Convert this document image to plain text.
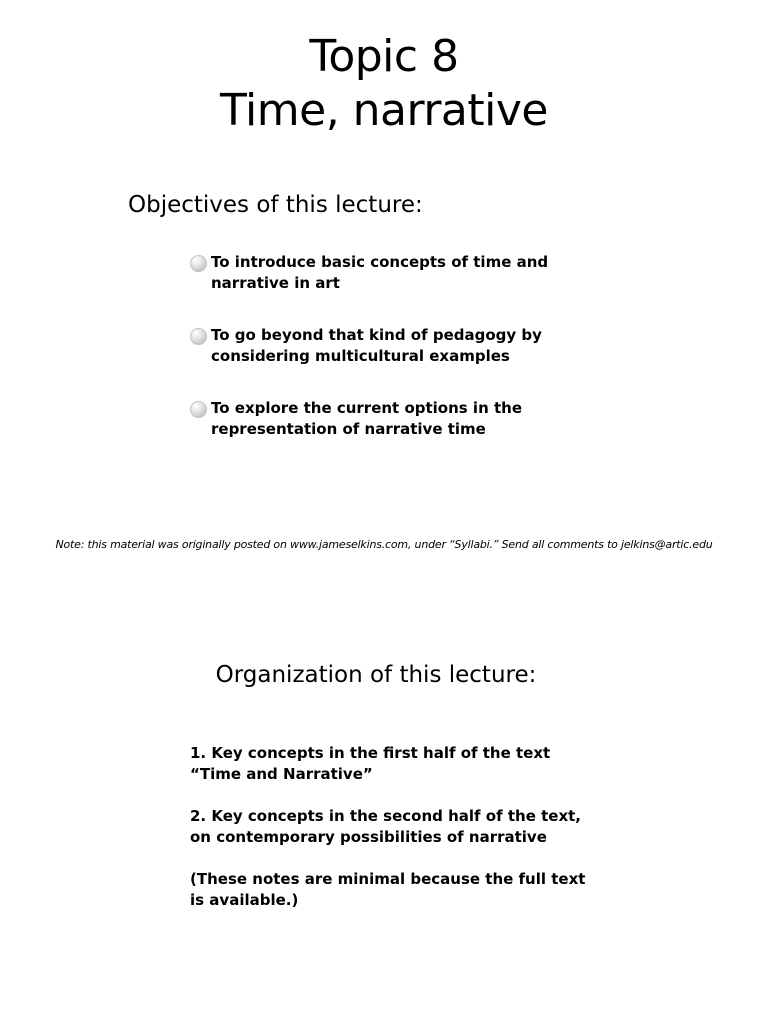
Topic 8
Time, narrative
Objectives of this lecture:
To introduce basic concepts of time and narrative in art
To go beyond that kind of pedagogy by considering multicultural examples
To explore the current options in the representation of narrative time

Note: this material was originally posted on www.jameselkins.com, under “Syllabi.” Send all comments to jelkins@artic.edu

Organization of this lecture:

1. Key concepts in the first half of the text “Time and Narrative”

2. Key concepts in the second half of the text, on contemporary possibilities of narrative

(These notes are minimal because the full text is available.)
